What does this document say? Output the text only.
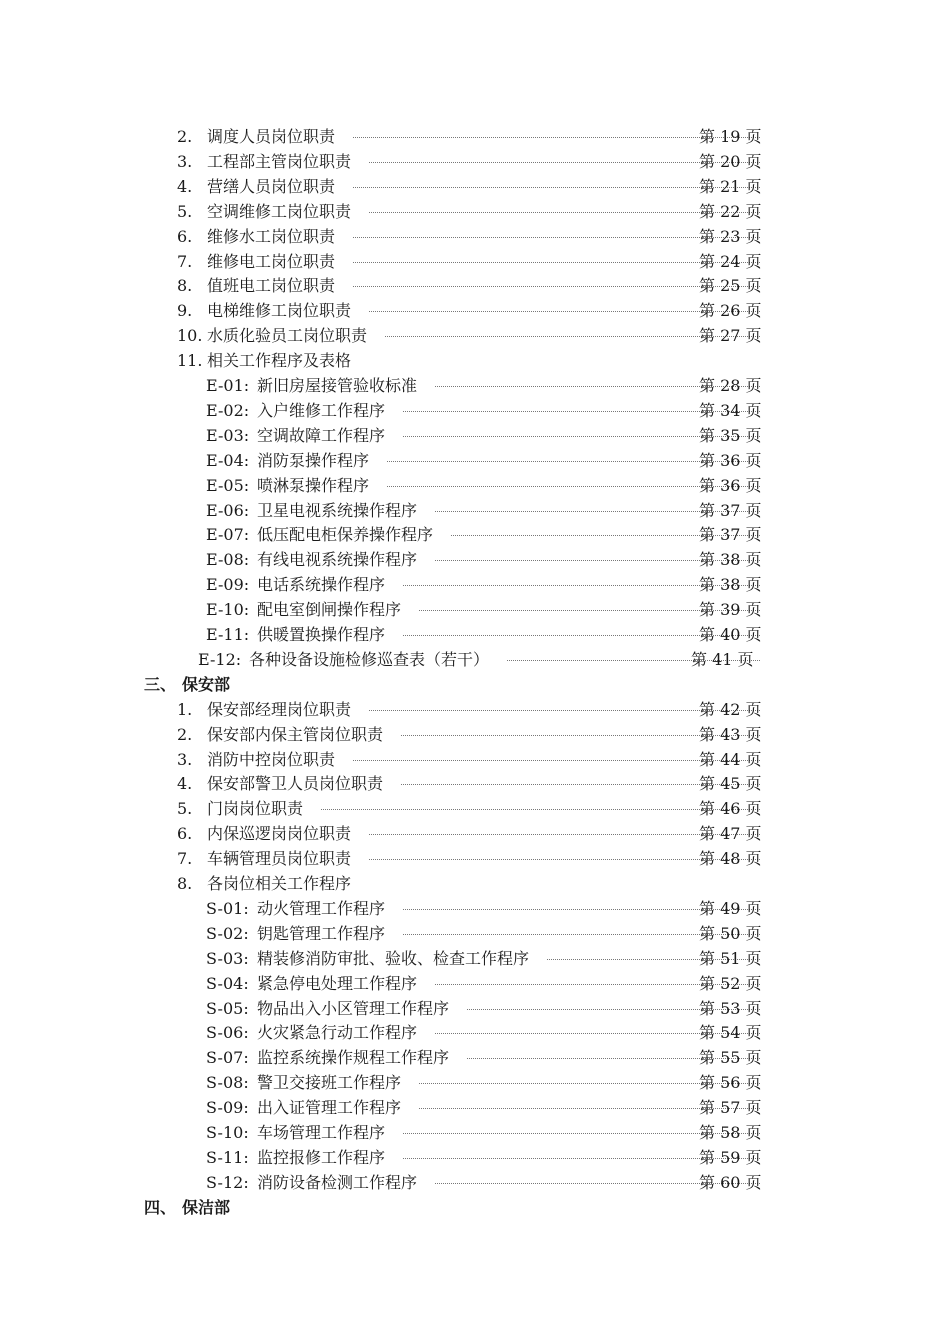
2. 调度人员岗位职责	第 19 页
3. 工程部主管岗位职责	第 20 页
4. 营缮人员岗位职责	第 21 页
5. 空调维修工岗位职责	第 22 页
6. 维修水工岗位职责	第 23 页
7. 维修电工岗位职责	第 24 页
8. 值班电工岗位职责	第 25 页
9. 电梯维修工岗位职责	第 26 页
10. 水质化验员工岗位职责	第 27 页
11. 相关工作程序及表格
E-01: 新旧房屋接管验收标准	第 28 页
E-02: 入户维修工作程序	第 34 页
E-03: 空调故障工作程序	第 35 页
E-04: 消防泵操作程序	第 36 页
E-05: 喷淋泵操作程序	第 36 页
E-06: 卫星电视系统操作程序	第 37 页
E-07: 低压配电柜保养操作程序	第 37 页
E-08: 有线电视系统操作程序	第 38 页
E-09: 电话系统操作程序	第 38 页
E-10: 配电室倒闸操作程序	第 39 页
E-11: 供暖置换操作程序	第 40 页
E-12: 各种设备设施检修巡查表（若干）	第 41 页
三、 保安部
1. 保安部经理岗位职责	第 42 页
2. 保安部内保主管岗位职责	第 43 页
3. 消防中控岗位职责	第 44 页
4. 保安部警卫人员岗位职责	第 45 页
5. 门岗岗位职责	第 46 页
6. 内保巡逻岗岗位职责	第 47 页
7. 车辆管理员岗位职责	第 48 页
8. 各岗位相关工作程序
S-01: 动火管理工作程序	第 49 页
S-02: 钥匙管理工作程序	第 50 页
S-03: 精装修消防审批、验收、检查工作程序	第 51 页
S-04: 紧急停电处理工作程序	第 52 页
S-05: 物品出入小区管理工作程序	第 53 页
S-06: 火灾紧急行动工作程序	第 54 页
S-07: 监控系统操作规程工作程序	第 55 页
S-08: 警卫交接班工作程序	第 56 页
S-09: 出入证管理工作程序	第 57 页
S-10: 车场管理工作程序	第 58 页
S-11: 监控报修工作程序	第 59 页
S-12: 消防设备检测工作程序	第 60 页
四、 保洁部
